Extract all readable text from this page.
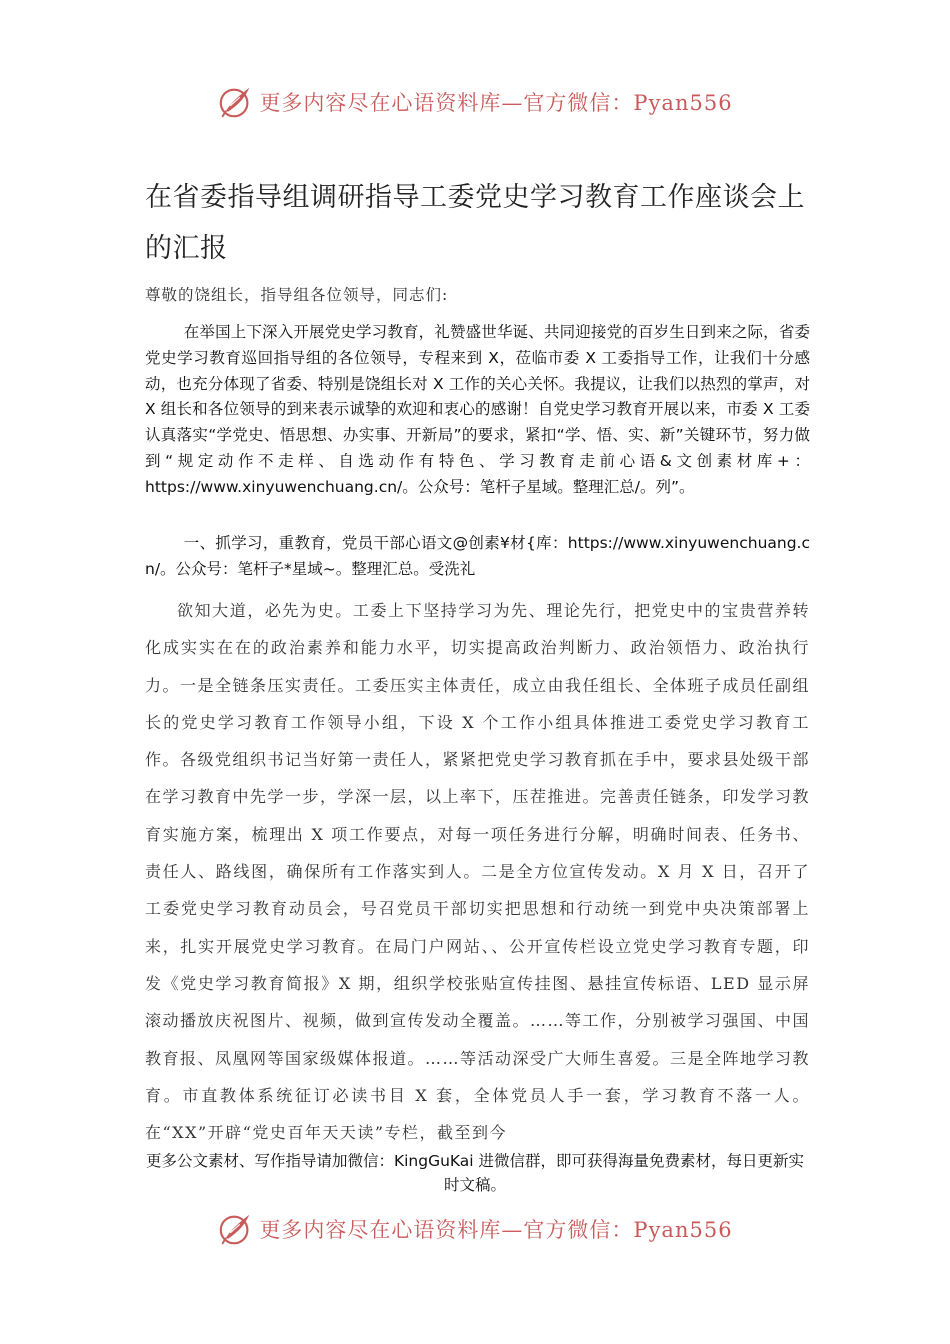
更多内容尽在心语资料库—官方微信：Pyan556
在省委指导组调研指导工委党史学习教育工作座谈会上的汇报

尊敬的饶组长，指导组各位领导，同志们:

在举国上下深入开展党史学习教育，礼赞盛世华诞、共同迎接党的百岁生日到来之际，省委党史学习教育巡回指导组的各位领导，专程来到 X，莅临市委 X 工委指导工作，让我们十分感动，也充分体现了省委、特别是饶组长对 X 工作的关心关怀。我提议，让我们以热烈的掌声，对 X 组长和各位领导的到来表示诚挚的欢迎和衷心的感谢！自党史学习教育开展以来，市委 X 工委认真落实“学党史、悟思想、办实事、开新局”的要求，紧扣“学、悟、实、新”关键环节，努力做到“规定动作不走样、自选动作有特色、学习教育走前心语&文创素材库+：https://www.xinyuwenchuang.cn/。公众号：笔杆子星域。整理汇总/。列”。

一、抓学习，重教育，党员干部心语文@创素¥材{库：https://www.xinyuwenchuang.cn/。公众号：笔杆子*星域~。整理汇总。受洗礼

欲知大道，必先为史。工委上下坚持学习为先、理论先行，把党史中的宝贵营养转化成实实在在的政治素养和能力水平，切实提高政治判断力、政治领悟力、政治执行力。一是全链条压实责任。工委压实主体责任，成立由我任组长、全体班子成员任副组长的党史学习教育工作领导小组，下设 X 个工作小组具体推进工委党史学习教育工作。各级党组织书记当好第一责任人，紧紧把党史学习教育抓在手中，要求县处级干部在学习教育中先学一步，学深一层，以上率下，压茬推进。完善责任链条，印发学习教育实施方案，梳理出 X 项工作要点，对每一项任务进行分解，明确时间表、任务书、责任人、路线图，确保所有工作落实到人。二是全方位宣传发动。X 月 X 日，召开了工委党史学习教育动员会，号召党员干部切实把思想和行动统一到党中央决策部署上来，扎实开展党史学习教育。在局门户网站、、公开宣传栏设立党史学习教育专题，印发《党史学习教育简报》X 期，组织学校张贴宣传挂图、悬挂宣传标语、LED 显示屏滚动播放庆祝图片、视频，做到宣传发动全覆盖。……等工作，分别被学习强国、中国教育报、凤凰网等国家级媒体报道。……等活动深受广大师生喜爱。三是全阵地学习教育。市直教体系统征订必读书目 X 套，全体党员人手一套，学习教育不落一人。在“XX”开辟“党史百年天天读”专栏，截至到今

更多公文素材、写作指导请加微信：KingGuKai 进微信群，即可获得海量免费素材，每日更新实时文稿。

更多内容尽在心语资料库—官方微信：Pyan556
